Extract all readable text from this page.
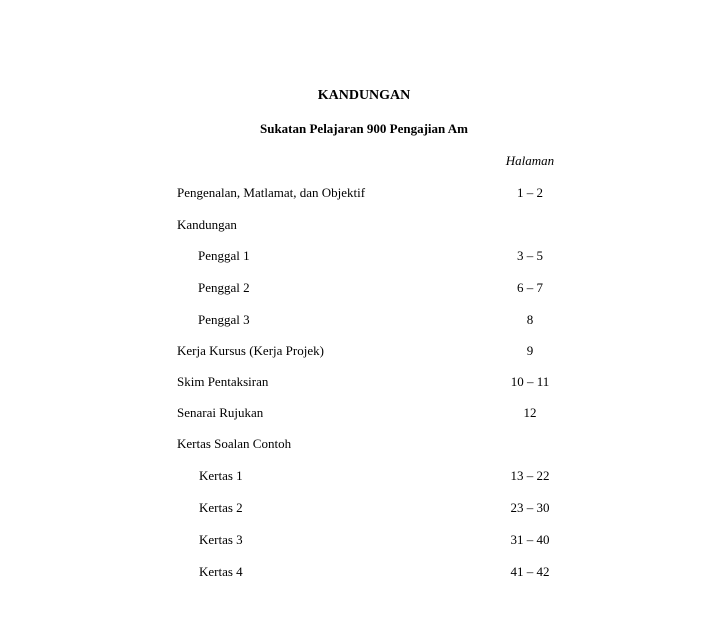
KANDUNGAN
Sukatan Pelajaran 900 Pengajian Am
Halaman
Pengenalan, Matlamat, dan Objektif	1 – 2
Kandungan
Penggal 1	3 – 5
Penggal 2	6 – 7
Penggal 3	8
Kerja Kursus (Kerja Projek)	9
Skim Pentaksiran	10 – 11
Senarai Rujukan	12
Kertas Soalan Contoh
Kertas 1	13 – 22
Kertas 2	23 – 30
Kertas 3	31 – 40
Kertas 4	41 – 42
